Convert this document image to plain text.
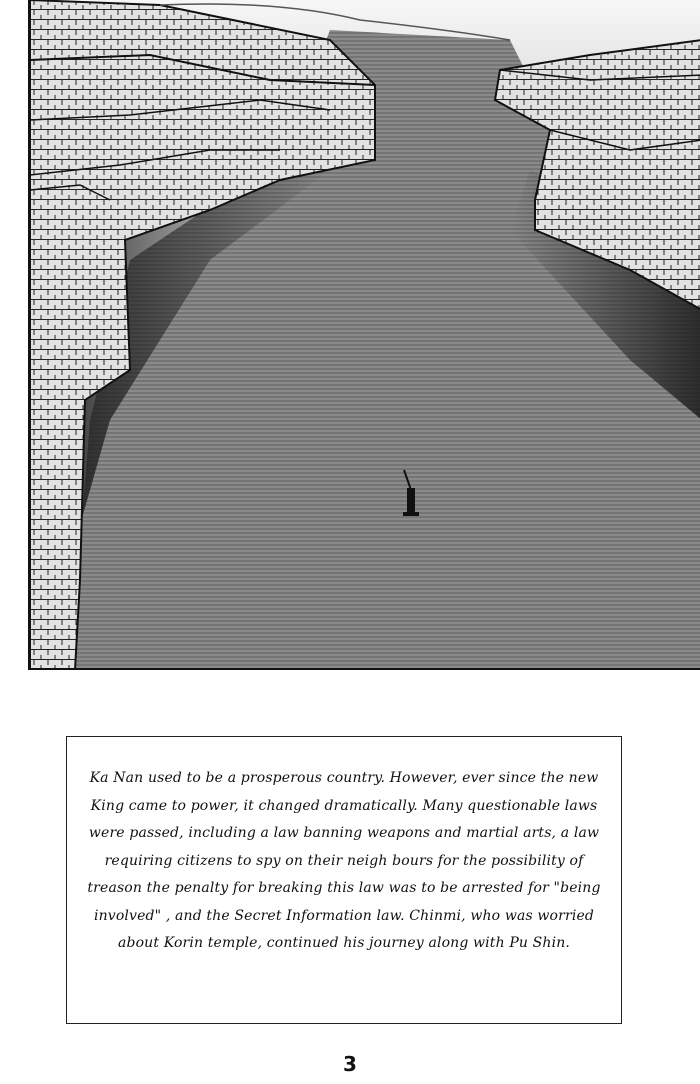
Ka Nan used to be a prosperous country. However, ever since the new King came to power, it changed dramatically. Many questionable laws were passed, including a law banning weapons and martial arts, a law requiring citizens to spy on their neigh bours for the possibility of treason the penalty for breaking this law was to be arrested for "being involved" , and the Secret Information law. Chinmi, who was worried about Korin temple, continued his journey along with Pu Shin.

3
